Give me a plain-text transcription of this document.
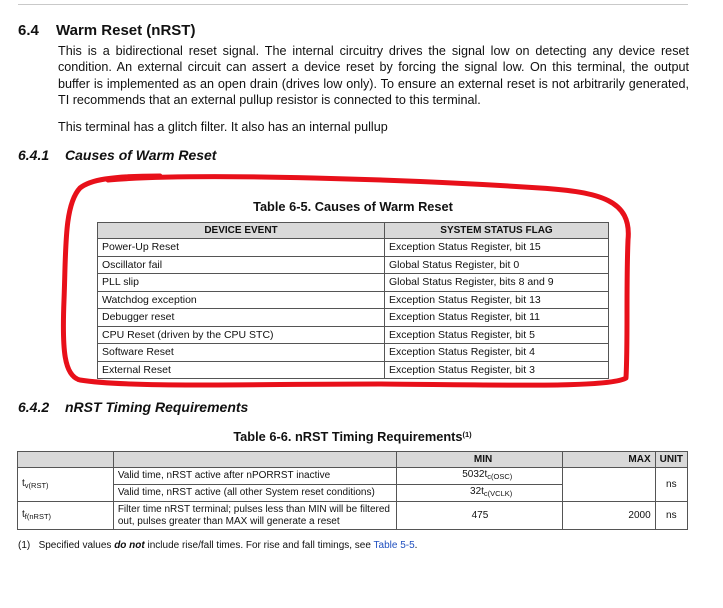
6.4 Warm Reset (nRST)
This is a bidirectional reset signal. The internal circuitry drives the signal low on detecting any device reset condition. An external circuit can assert a device reset by forcing the signal low. On this terminal, the output buffer is implemented as an open drain (drives low only). To ensure an external reset is not arbitrarily generated, TI recommends that an external pullup resistor is connected to this terminal.
This terminal has a glitch filter. It also has an internal pullup
6.4.1 Causes of Warm Reset
Table 6-5. Causes of Warm Reset
DEVICE EVENT	SYSTEM STATUS FLAG
Power-Up Reset	Exception Status Register, bit 15
Oscillator fail	Global Status Register, bit 0
PLL slip	Global Status Register, bits 8 and 9
Watchdog exception	Exception Status Register, bit 13
Debugger reset	Exception Status Register, bit 11
CPU Reset (driven by the CPU STC)	Exception Status Register, bit 5
Software Reset	Exception Status Register, bit 4
External Reset	Exception Status Register, bit 3
6.4.2 nRST Timing Requirements
Table 6-6. nRST Timing Requirements$^{(1)}$
		MIN	MAX	UNIT
$t_{v(RST)}$	Valid time, nRST active after nPORRST inactive	$5032t_{c(OSC)}$		ns
	Valid time, nRST active (all other System reset conditions)	$32t_{c(VCLK)}$
$t_{f(nRST)}$	Filter time nRST terminal; pulses less than MIN will be filtered out, pulses greater than MAX will generate a reset	475	2000	ns
(1) Specified values do not include rise/fall times. For rise and fall timings, see Table 5-5.
